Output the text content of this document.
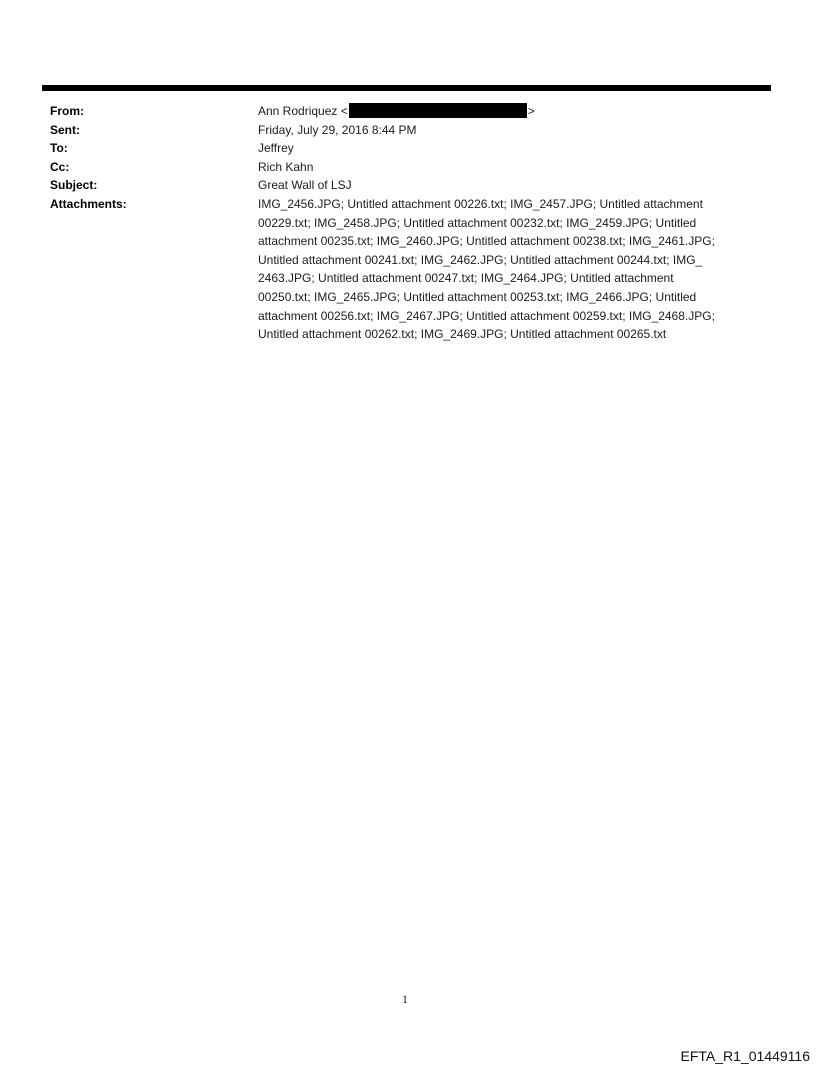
From:	Ann Rodriquez <	>
Sent:	Friday, July 29, 2016 8:44 PM
To:	Jeffrey
Cc:	Rich Kahn
Subject:	Great Wall of LSJ
Attachments:	IMG_2456.JPG; Untitled attachment 00226.txt; IMG_2457.JPG; Untitled attachment
00229.txt; IMG_2458.JPG; Untitled attachment 00232.txt; IMG_2459.JPG; Untitled
attachment 00235.txt; IMG_2460.JPG; Untitled attachment 00238.txt; IMG_2461.JPG;
Untitled attachment 00241.txt; IMG_2462.JPG; Untitled attachment 00244.txt; IMG_
2463.JPG; Untitled attachment 00247.txt; IMG_2464.JPG; Untitled attachment
00250.txt; IMG_2465.JPG; Untitled attachment 00253.txt; IMG_2466.JPG; Untitled
attachment 00256.txt; IMG_2467.JPG; Untitled attachment 00259.txt; IMG_2468.JPG;
Untitled attachment 00262.txt; IMG_2469.JPG; Untitled attachment 00265.txt
1
EFTA_R1_01449116
